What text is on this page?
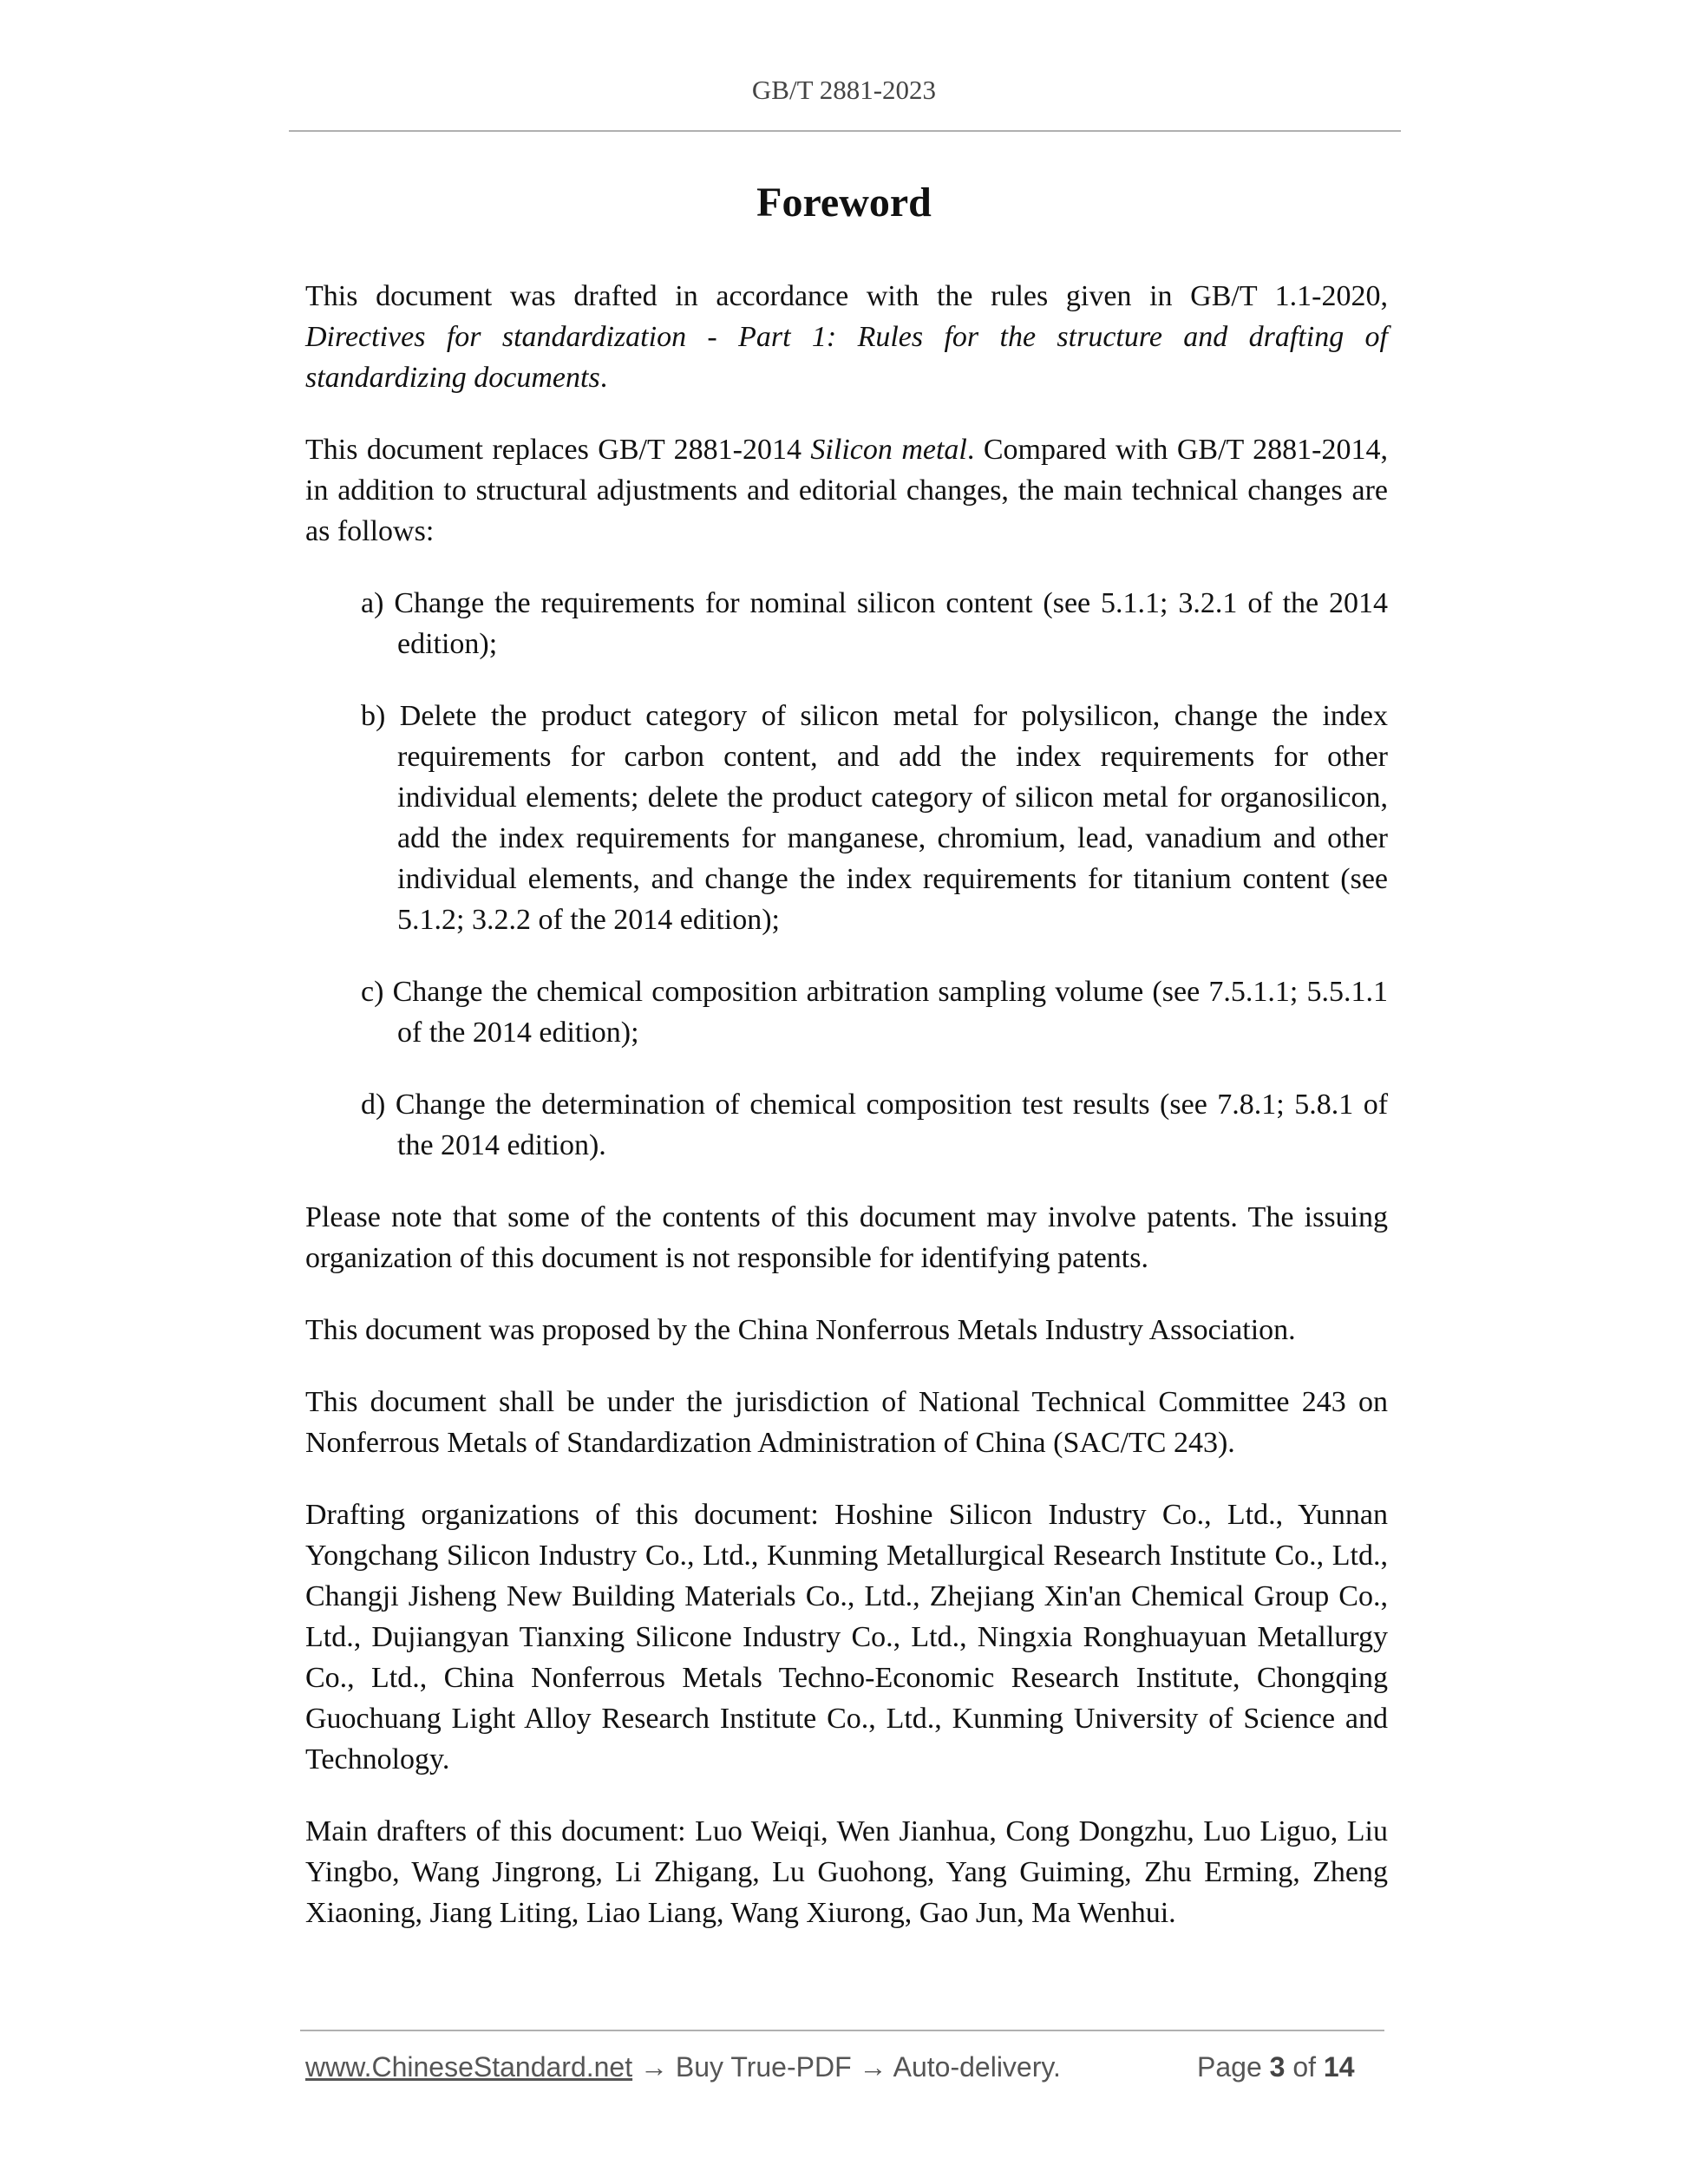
GB/T 2881-2023
Foreword

This document was drafted in accordance with the rules given in GB/T 1.1-2020, Directives for standardization - Part 1: Rules for the structure and drafting of standardizing documents.

This document replaces GB/T 2881-2014 Silicon metal. Compared with GB/T 2881-2014, in addition to structural adjustments and editorial changes, the main technical changes are as follows:

a) Change the requirements for nominal silicon content (see 5.1.1; 3.2.1 of the 2014 edition);
b) Delete the product category of silicon metal for polysilicon, change the index requirements for carbon content, and add the index requirements for other individual elements; delete the product category of silicon metal for organosilicon, add the index requirements for manganese, chromium, lead, vanadium and other individual elements, and change the index requirements for titanium content (see 5.1.2; 3.2.2 of the 2014 edition);
c) Change the chemical composition arbitration sampling volume (see 7.5.1.1; 5.5.1.1 of the 2014 edition);
d) Change the determination of chemical composition test results (see 7.8.1; 5.8.1 of the 2014 edition).

Please note that some of the contents of this document may involve patents. The issuing organization of this document is not responsible for identifying patents.

This document was proposed by the China Nonferrous Metals Industry Association.

This document shall be under the jurisdiction of National Technical Committee 243 on Nonferrous Metals of Standardization Administration of China (SAC/TC 243).

Drafting organizations of this document: Hoshine Silicon Industry Co., Ltd., Yunnan Yongchang Silicon Industry Co., Ltd., Kunming Metallurgical Research Institute Co., Ltd., Changji Jisheng New Building Materials Co., Ltd., Zhejiang Xin'an Chemical Group Co., Ltd., Dujiangyan Tianxing Silicone Industry Co., Ltd., Ningxia Ronghuayuan Metallurgy Co., Ltd., China Nonferrous Metals Techno-Economic Research Institute, Chongqing Guochuang Light Alloy Research Institute Co., Ltd., Kunming University of Science and Technology.

Main drafters of this document: Luo Weiqi, Wen Jianhua, Cong Dongzhu, Luo Liguo, Liu Yingbo, Wang Jingrong, Li Zhigang, Lu Guohong, Yang Guiming, Zhu Erming, Zheng Xiaoning, Jiang Liting, Liao Liang, Wang Xiurong, Gao Jun, Ma Wenhui.

www.ChineseStandard.net → Buy True-PDF → Auto-delivery.	Page 3 of 14
